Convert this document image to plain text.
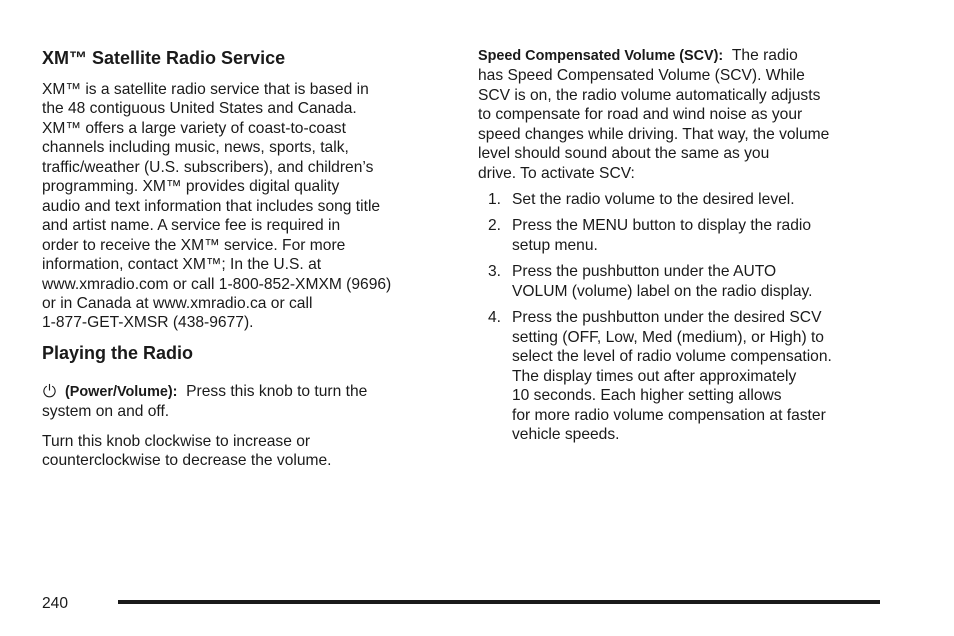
XM™ Satellite Radio Service

XM™ is a satellite radio service that is based in
the 48 contiguous United States and Canada.
XM™ offers a large variety of coast-to-coast
channels including music, news, sports, talk,
traffic/weather (U.S. subscribers), and children’s
programming. XM™ provides digital quality
audio and text information that includes song title
and artist name. A service fee is required in
order to receive the XM™ service. For more
information, contact XM™; In the U.S. at
www.xmradio.com or call 1-800-852-XMXM (9696)
or in Canada at www.xmradio.ca or call
1-877-GET-XMSR (438-9677).

Playing the Radio

(Power/Volume): Press this knob to turn the
system on and off.

Turn this knob clockwise to increase or
counterclockwise to decrease the volume.

Speed Compensated Volume (SCV): The radio
has Speed Compensated Volume (SCV). While
SCV is on, the radio volume automatically adjusts
to compensate for road and wind noise as your
speed changes while driving. That way, the volume
level should sound about the same as you
drive. To activate SCV:

1. Set the radio volume to the desired level.
2. Press the MENU button to display the radio
setup menu.
3. Press the pushbutton under the AUTO
VOLUM (volume) label on the radio display.
4. Press the pushbutton under the desired SCV
setting (OFF, Low, Med (medium), or High) to
select the level of radio volume compensation.
The display times out after approximately
10 seconds. Each higher setting allows
for more radio volume compensation at faster
vehicle speeds.
240
